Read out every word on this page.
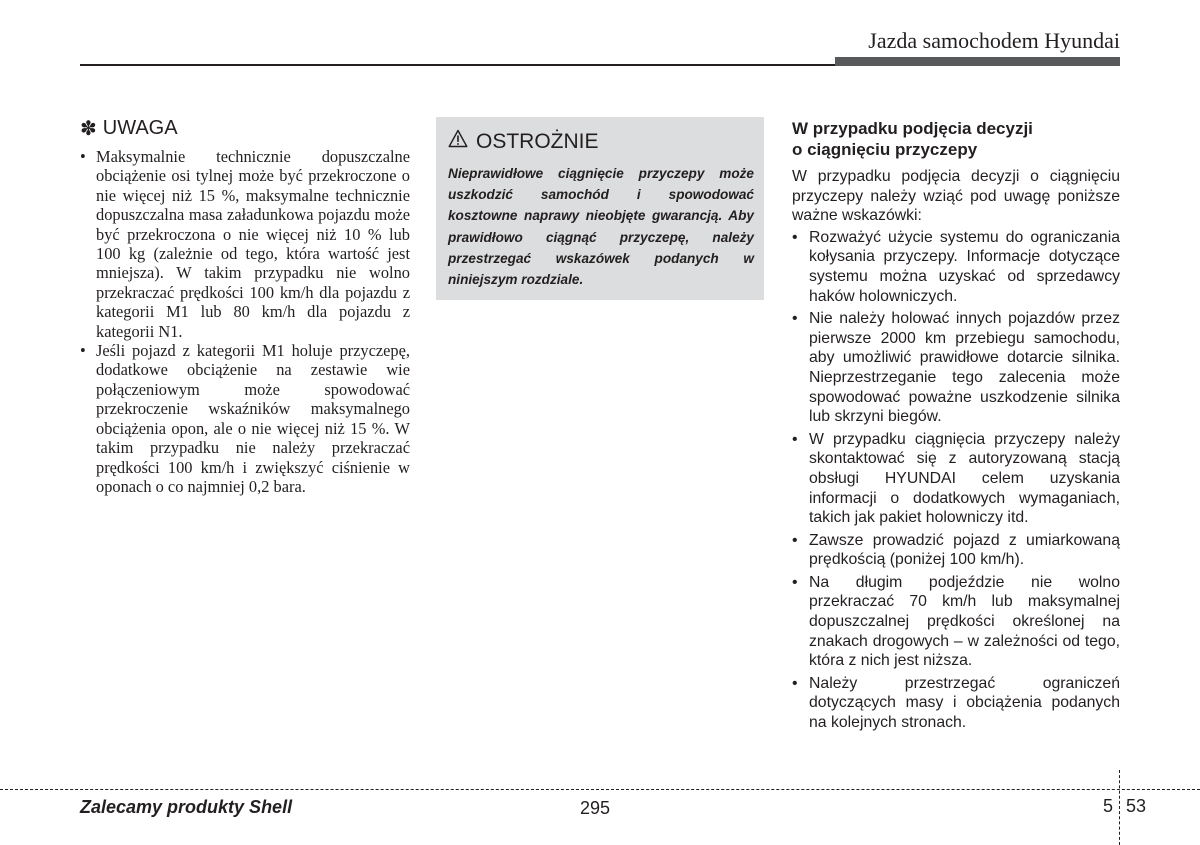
Jazda samochodem Hyundai
✽ UWAGA
• Maksymalnie technicznie dopuszczalne obciążenie osi tylnej może być przekroczone o nie więcej niż 15 %, maksymalne technicznie dopuszczalna masa załadunkowa pojazdu może być przekroczona o nie więcej niż 10 % lub 100 kg (zależnie od tego, która wartość jest mniejsza). W takim przypadku nie wolno przekraczać prędkości 100 km/h dla pojazdu z kategorii M1 lub 80 km/h dla pojazdu z kategorii N1.
• Jeśli pojazd z kategorii M1 holuje przyczepę, dodatkowe obciążenie na zestawie wie połączeniowym może spowodować przekroczenie wskaźników maksymalnego obciążenia opon, ale o nie więcej niż 15 %. W takim przypadku nie należy przekraczać prędkości 100 km/h i zwiększyć ciśnienie w oponach o co najmniej 0,2 bara.
OSTROŻNIE
Nieprawidłowe ciągnięcie przyczepy może uszkodzić samochód i spowodować kosztowne naprawy nieobjęte gwarancją. Aby prawidłowo ciągnąć przyczepę, należy przestrzegać wskazówek podanych w niniejszym rozdziale.
W przypadku podjęcia decyzji
o ciągnięciu przyczepy

W przypadku podjęcia decyzji o ciągnięciu przyczepy należy wziąć pod uwagę poniższe ważne wskazówki:

• Rozważyć użycie systemu do ograniczania kołysania przyczepy. Informacje dotyczące systemu można uzyskać od sprzedawcy haków holowniczych.
• Nie należy holować innych pojazdów przez pierwsze 2000 km przebiegu samochodu, aby umożliwić prawidłowe dotarcie silnika. Nieprzestrzeganie tego zalecenia może spowodować poważne uszkodzenie silnika lub skrzyni biegów.
• W przypadku ciągnięcia przyczepy należy skontaktować się z autoryzowaną stacją obsługi HYUNDAI celem uzyskania informacji o dodatkowych wymaganiach, takich jak pakiet holowniczy itd.
• Zawsze prowadzić pojazd z umiarkowaną prędkością (poniżej 100 km/h).
• Na długim podjeździe nie wolno przekraczać 70 km/h lub maksymalnej dopuszczalnej prędkości określonej na znakach drogowych – w zależności od tego, która z nich jest niższa.
• Należy przestrzegać ograniczeń dotyczących masy i obciążenia podanych na kolejnych stronach.
Zalecamy produkty Shell	295	5 53
